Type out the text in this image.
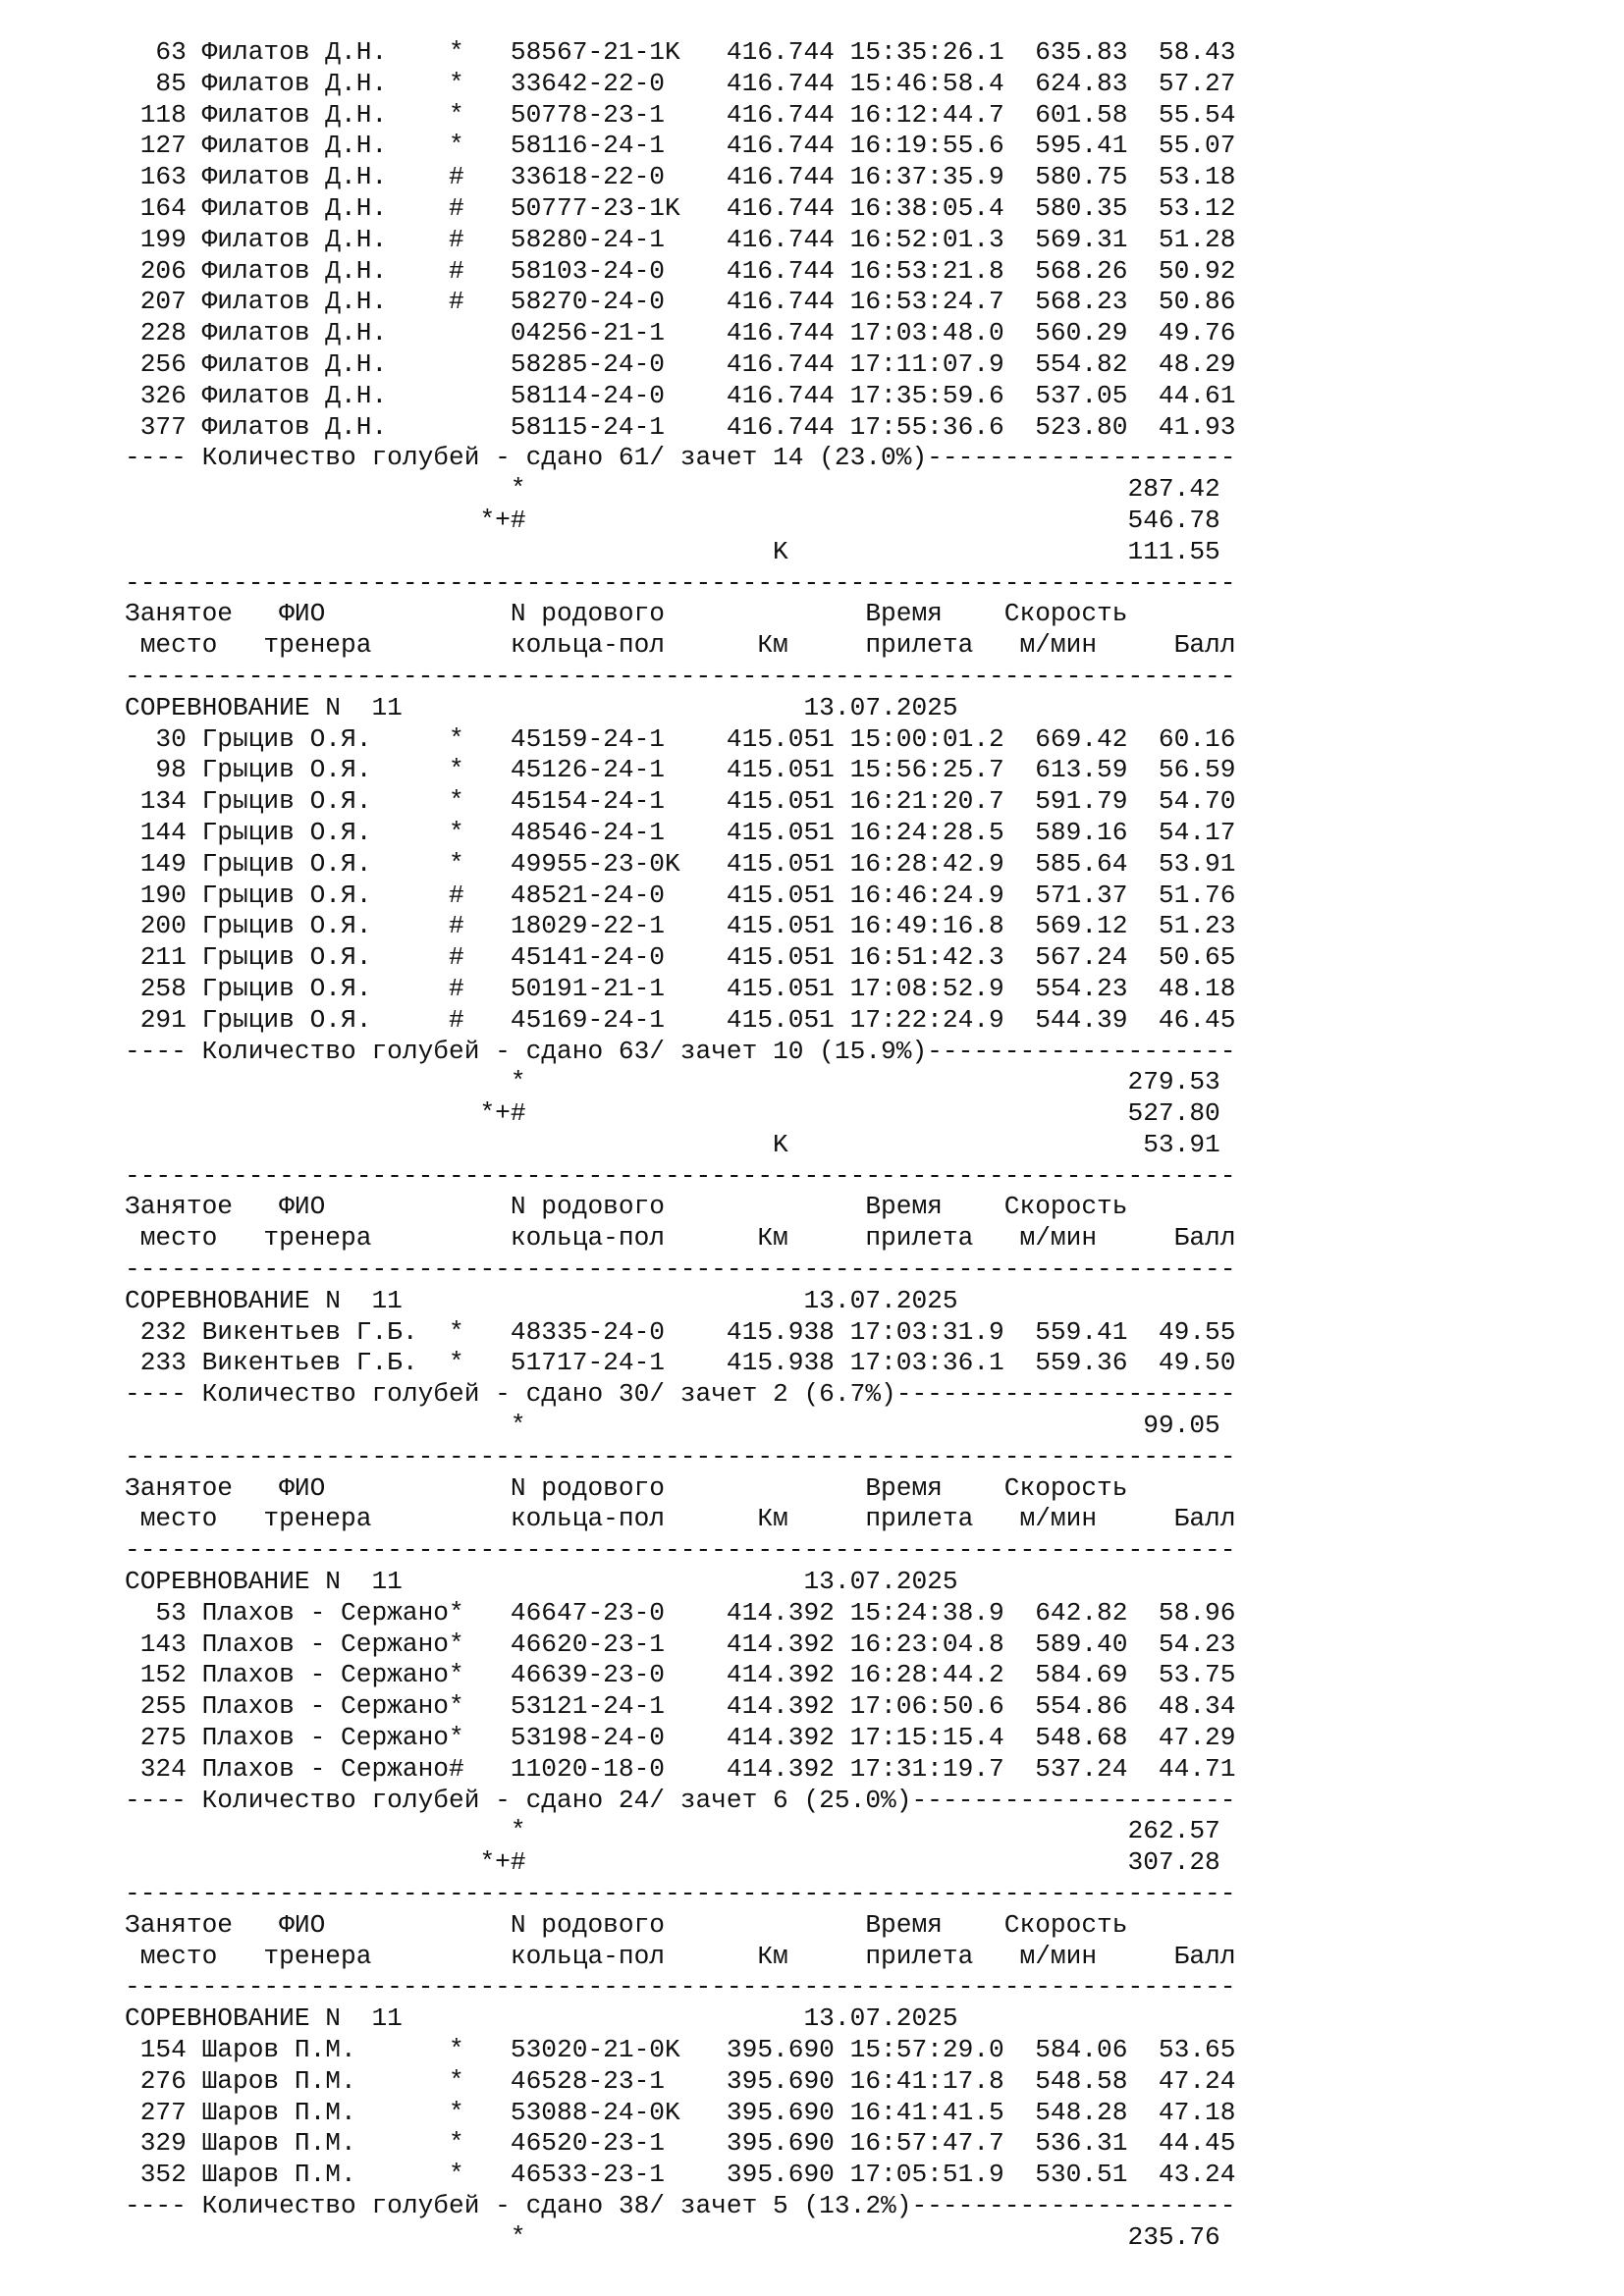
63 Филатов Д.Н.    *   58567-21-1K   416.744 15:35:26.1  635.83  58.43
85 Филатов Д.Н.    *   33642-22-0    416.744 15:46:58.4  624.83  57.27
118 Филатов Д.Н.    *   50778-23-1    416.744 16:12:44.7  601.58  55.54
127 Филатов Д.Н.    *   58116-24-1    416.744 16:19:55.6  595.41  55.07
163 Филатов Д.Н.    #   33618-22-0    416.744 16:37:35.9  580.75  53.18
164 Филатов Д.Н.    #   50777-23-1K   416.744 16:38:05.4  580.35  53.12
199 Филатов Д.Н.    #   58280-24-1    416.744 16:52:01.3  569.31  51.28
206 Филатов Д.Н.    #   58103-24-0    416.744 16:53:21.8  568.26  50.92
207 Филатов Д.Н.    #   58270-24-0    416.744 16:53:24.7  568.23  50.86
228 Филатов Д.Н.        04256-21-1    416.744 17:03:48.0  560.29  49.76
256 Филатов Д.Н.        58285-24-0    416.744 17:11:07.9  554.82  48.29
326 Филатов Д.Н.        58114-24-0    416.744 17:35:59.6  537.05  44.61
377 Филатов Д.Н.        58115-24-1    416.744 17:55:36.6  523.80  41.93
---- Количество голубей - сдано 61/ зачет 14 (23.0%)--------------------
*                                       287.42
*+#                                       546.78
K                      111.55
------------------------------------------------------------------------
Занятое   ФИО            N родового             Время    Скорость
место   тренера         кольца-пол      Км     прилета   м/мин     Балл
------------------------------------------------------------------------
СОРЕВНОВАНИЕ N  11                          13.07.2025
30 Грыцив О.Я.     *   45159-24-1    415.051 15:00:01.2  669.42  60.16
98 Грыцив О.Я.     *   45126-24-1    415.051 15:56:25.7  613.59  56.59
134 Грыцив О.Я.     *   45154-24-1    415.051 16:21:20.7  591.79  54.70
144 Грыцив О.Я.     *   48546-24-1    415.051 16:24:28.5  589.16  54.17
149 Грыцив О.Я.     *   49955-23-0K   415.051 16:28:42.9  585.64  53.91
190 Грыцив О.Я.     #   48521-24-0    415.051 16:46:24.9  571.37  51.76
200 Грыцив О.Я.     #   18029-22-1    415.051 16:49:16.8  569.12  51.23
211 Грыцив О.Я.     #   45141-24-0    415.051 16:51:42.3  567.24  50.65
258 Грыцив О.Я.     #   50191-21-1    415.051 17:08:52.9  554.23  48.18
291 Грыцив О.Я.     #   45169-24-1    415.051 17:22:24.9  544.39  46.45
---- Количество голубей - сдано 63/ зачет 10 (15.9%)--------------------
*                                       279.53
*+#                                       527.80
K                       53.91
------------------------------------------------------------------------
Занятое   ФИО            N родового             Время    Скорость
место   тренера         кольца-пол      Км     прилета   м/мин     Балл
------------------------------------------------------------------------
СОРЕВНОВАНИЕ N  11                          13.07.2025
232 Викентьев Г.Б.  *   48335-24-0    415.938 17:03:31.9  559.41  49.55
233 Викентьев Г.Б.  *   51717-24-1    415.938 17:03:36.1  559.36  49.50
---- Количество голубей - сдано 30/ зачет 2 (6.7%)----------------------
*                                        99.05
------------------------------------------------------------------------
Занятое   ФИО            N родового             Время    Скорость
место   тренера         кольца-пол      Км     прилета   м/мин     Балл
------------------------------------------------------------------------
СОРЕВНОВАНИЕ N  11                          13.07.2025
53 Плахов - Сержано*   46647-23-0    414.392 15:24:38.9  642.82  58.96
143 Плахов - Сержано*   46620-23-1    414.392 16:23:04.8  589.40  54.23
152 Плахов - Сержано*   46639-23-0    414.392 16:28:44.2  584.69  53.75
255 Плахов - Сержано*   53121-24-1    414.392 17:06:50.6  554.86  48.34
275 Плахов - Сержано*   53198-24-0    414.392 17:15:15.4  548.68  47.29
324 Плахов - Сержано#   11020-18-0    414.392 17:31:19.7  537.24  44.71
---- Количество голубей - сдано 24/ зачет 6 (25.0%)---------------------
*                                       262.57
*+#                                       307.28
------------------------------------------------------------------------
Занятое   ФИО            N родового             Время    Скорость
место   тренера         кольца-пол      Км     прилета   м/мин     Балл
------------------------------------------------------------------------
СОРЕВНОВАНИЕ N  11                          13.07.2025
154 Шаров П.М.      *   53020-21-0K   395.690 15:57:29.0  584.06  53.65
276 Шаров П.М.      *   46528-23-1    395.690 16:41:17.8  548.58  47.24
277 Шаров П.М.      *   53088-24-0K   395.690 16:41:41.5  548.28  47.18
329 Шаров П.М.      *   46520-23-1    395.690 16:57:47.7  536.31  44.45
352 Шаров П.М.      *   46533-23-1    395.690 17:05:51.9  530.51  43.24
---- Количество голубей - сдано 38/ зачет 5 (13.2%)---------------------
*                                       235.76
